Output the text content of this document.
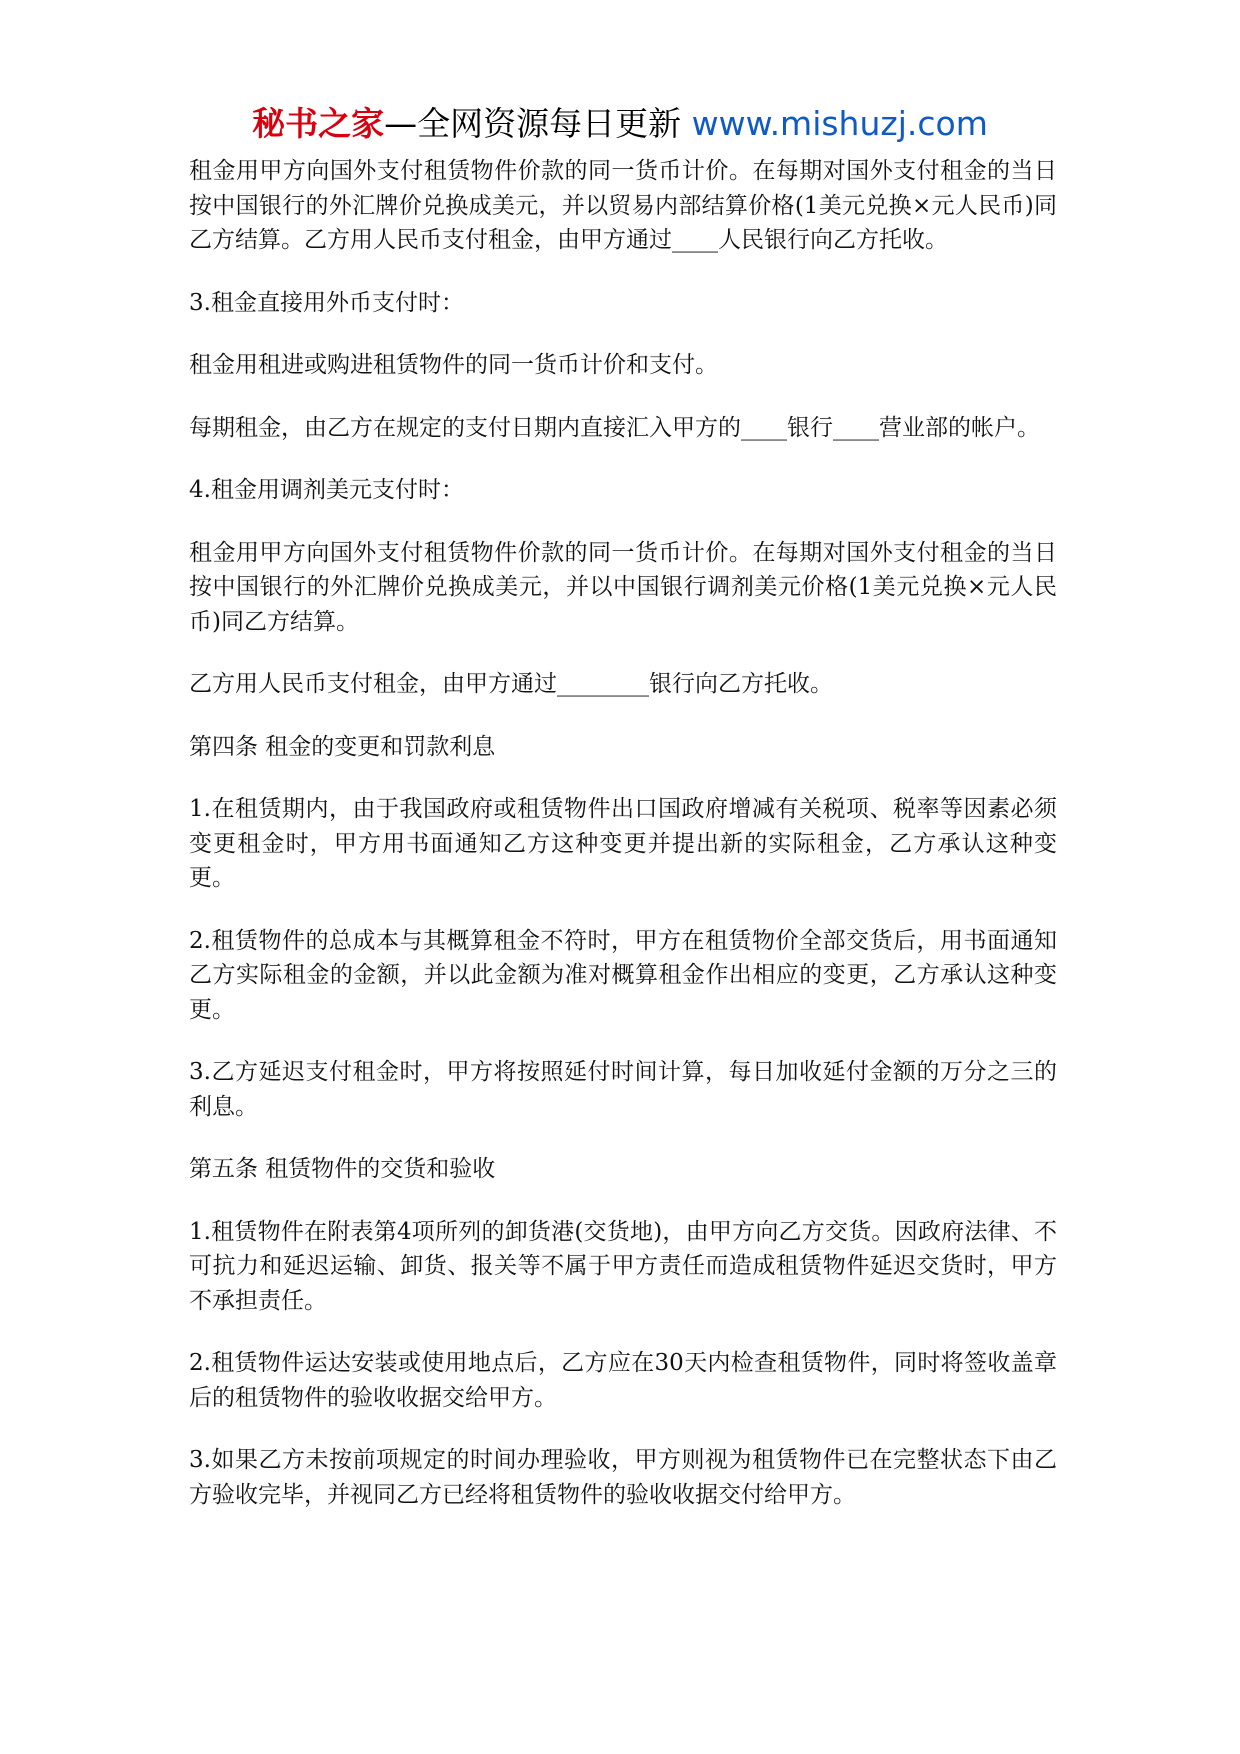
秘书之家—全网资源每日更新 www.mishuzj.com

租金用甲方向国外支付租赁物件价款的同一货币计价。在每期对国外支付租金的当日按中国银行的外汇牌价兑换成美元，并以贸易内部结算价格(1美元兑换×元人民币)同乙方结算。乙方用人民币支付租金，由甲方通过____人民银行向乙方托收。

3.租金直接用外币支付时：

租金用租进或购进租赁物件的同一货币计价和支付。

每期租金，由乙方在规定的支付日期内直接汇入甲方的____银行____营业部的帐户。

4.租金用调剂美元支付时：

租金用甲方向国外支付租赁物件价款的同一货币计价。在每期对国外支付租金的当日按中国银行的外汇牌价兑换成美元，并以中国银行调剂美元价格(1美元兑换×元人民币)同乙方结算。

乙方用人民币支付租金，由甲方通过________银行向乙方托收。

第四条 租金的变更和罚款利息

1.在租赁期内，由于我国政府或租赁物件出口国政府增减有关税项、税率等因素必须变更租金时，甲方用书面通知乙方这种变更并提出新的实际租金，乙方承认这种变更。

2.租赁物件的总成本与其概算租金不符时，甲方在租赁物价全部交货后，用书面通知乙方实际租金的金额，并以此金额为准对概算租金作出相应的变更，乙方承认这种变更。

3.乙方延迟支付租金时，甲方将按照延付时间计算，每日加收延付金额的万分之三的利息。

第五条 租赁物件的交货和验收

1.租赁物件在附表第4项所列的卸货港(交货地)，由甲方向乙方交货。因政府法律、不可抗力和延迟运输、卸货、报关等不属于甲方责任而造成租赁物件延迟交货时，甲方不承担责任。

2.租赁物件运达安装或使用地点后，乙方应在30天内检查租赁物件，同时将签收盖章后的租赁物件的验收收据交给甲方。

3.如果乙方未按前项规定的时间办理验收，甲方则视为租赁物件已在完整状态下由乙方验收完毕，并视同乙方已经将租赁物件的验收收据交付给甲方。
